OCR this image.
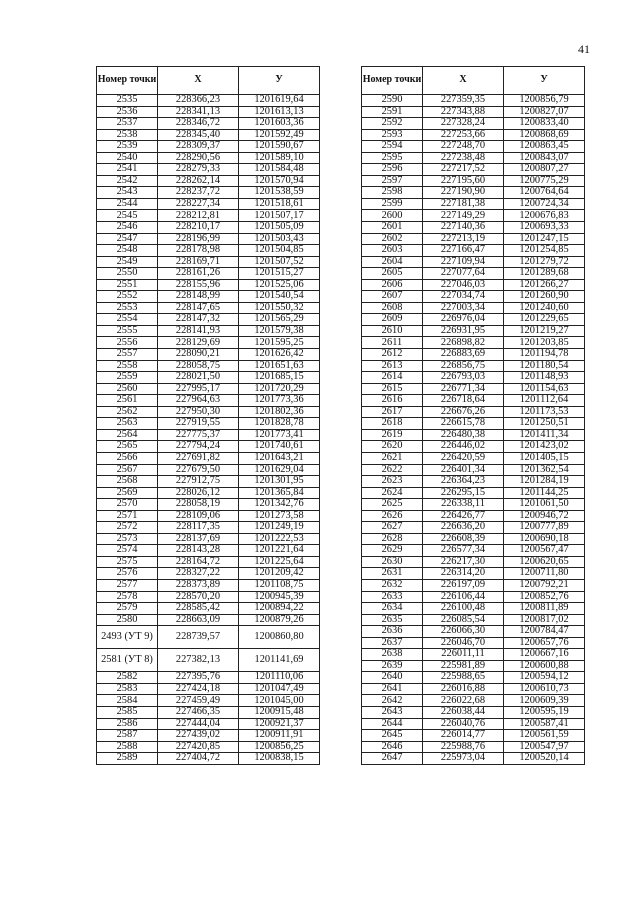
41
Номер точки	Х	У
2535	228366,23	1201619,64
2536	228341,13	1201613,13
2537	228346,72	1201603,36
2538	228345,40	1201592,49
2539	228309,37	1201590,67
2540	228290,56	1201589,10
2541	228279,33	1201584,48
2542	228262,14	1201570,94
2543	228237,72	1201538,59
2544	228227,34	1201518,61
2545	228212,81	1201507,17
2546	228210,17	1201505,09
2547	228196,99	1201503,43
2548	228178,98	1201504,85
2549	228169,71	1201507,52
2550	228161,26	1201515,27
2551	228155,96	1201525,06
2552	228148,99	1201540,54
2553	228147,65	1201550,32
2554	228147,32	1201565,29
2555	228141,93	1201579,38
2556	228129,69	1201595,25
2557	228090,21	1201626,42
2558	228058,75	1201651,63
2559	228021,50	1201685,15
2560	227995,17	1201720,29
2561	227964,63	1201773,36
2562	227950,30	1201802,36
2563	227919,55	1201828,78
2564	227775,37	1201773,41
2565	227794,24	1201740,61
2566	227691,82	1201643,21
2567	227679,50	1201629,04
2568	227912,75	1201301,95
2569	228026,12	1201365,84
2570	228058,19	1201342,76
2571	228109,06	1201273,58
2572	228117,35	1201249,19
2573	228137,69	1201222,53
2574	228143,28	1201221,64
2575	228164,72	1201225,64
2576	228327,22	1201209,42
2577	228373,89	1201108,75
2578	228570,20	1200945,39
2579	228585,42	1200894,22
2580	228663,09	1200879,26
2493 (УТ 9)	228739,57	1200860,80
2581 (УТ 8)	227382,13	1201141,69
2582	227395,76	1201110,06
2583	227424,18	1201047,49
2584	227459,49	1201045,00
2585	227466,35	1200915,48
2586	227444,04	1200921,37
2587	227439,02	1200911,91
2588	227420,85	1200856,25
2589	227404,72	1200838,15
Номер точки	Х	У
2590	227359,35	1200856,79
2591	227343,88	1200827,07
2592	227328,24	1200833,40
2593	227253,66	1200868,69
2594	227248,70	1200863,45
2595	227238,48	1200843,07
2596	227217,52	1200807,27
2597	227195,60	1200775,29
2598	227190,90	1200764,64
2599	227181,38	1200724,34
2600	227149,29	1200676,83
2601	227140,36	1200693,33
2602	227213,19	1201247,15
2603	227166,47	1201254,85
2604	227109,94	1201279,72
2605	227077,64	1201289,68
2606	227046,03	1201266,27
2607	227034,74	1201260,90
2608	227003,34	1201240,60
2609	226976,04	1201229,65
2610	226931,95	1201219,27
2611	226898,82	1201203,85
2612	226883,69	1201194,78
2613	226856,75	1201180,54
2614	226793,03	1201148,93
2615	226771,34	1201154,63
2616	226718,64	1201112,64
2617	226676,26	1201173,53
2618	226615,78	1201250,51
2619	226480,38	1201411,34
2620	226446,02	1201423,02
2621	226420,59	1201405,15
2622	226401,34	1201362,54
2623	226364,23	1201284,19
2624	226295,15	1201144,25
2625	226338,11	1201061,50
2626	226426,77	1200946,72
2627	226636,20	1200777,89
2628	226608,39	1200690,18
2629	226577,34	1200567,47
2630	226217,30	1200620,65
2631	226314,20	1200711,80
2632	226197,09	1200792,21
2633	226106,44	1200852,76
2634	226100,48	1200811,89
2635	226085,54	1200817,02
2636	226066,30	1200784,47
2637	226046,70	1200657,76
2638	226011,11	1200667,16
2639	225981,89	1200600,88
2640	225988,65	1200594,12
2641	226016,88	1200610,73
2642	226022,68	1200609,39
2643	226038,44	1200595,19
2644	226040,76	1200587,41
2645	226014,77	1200561,59
2646	225988,76	1200547,97
2647	225973,04	1200520,14
